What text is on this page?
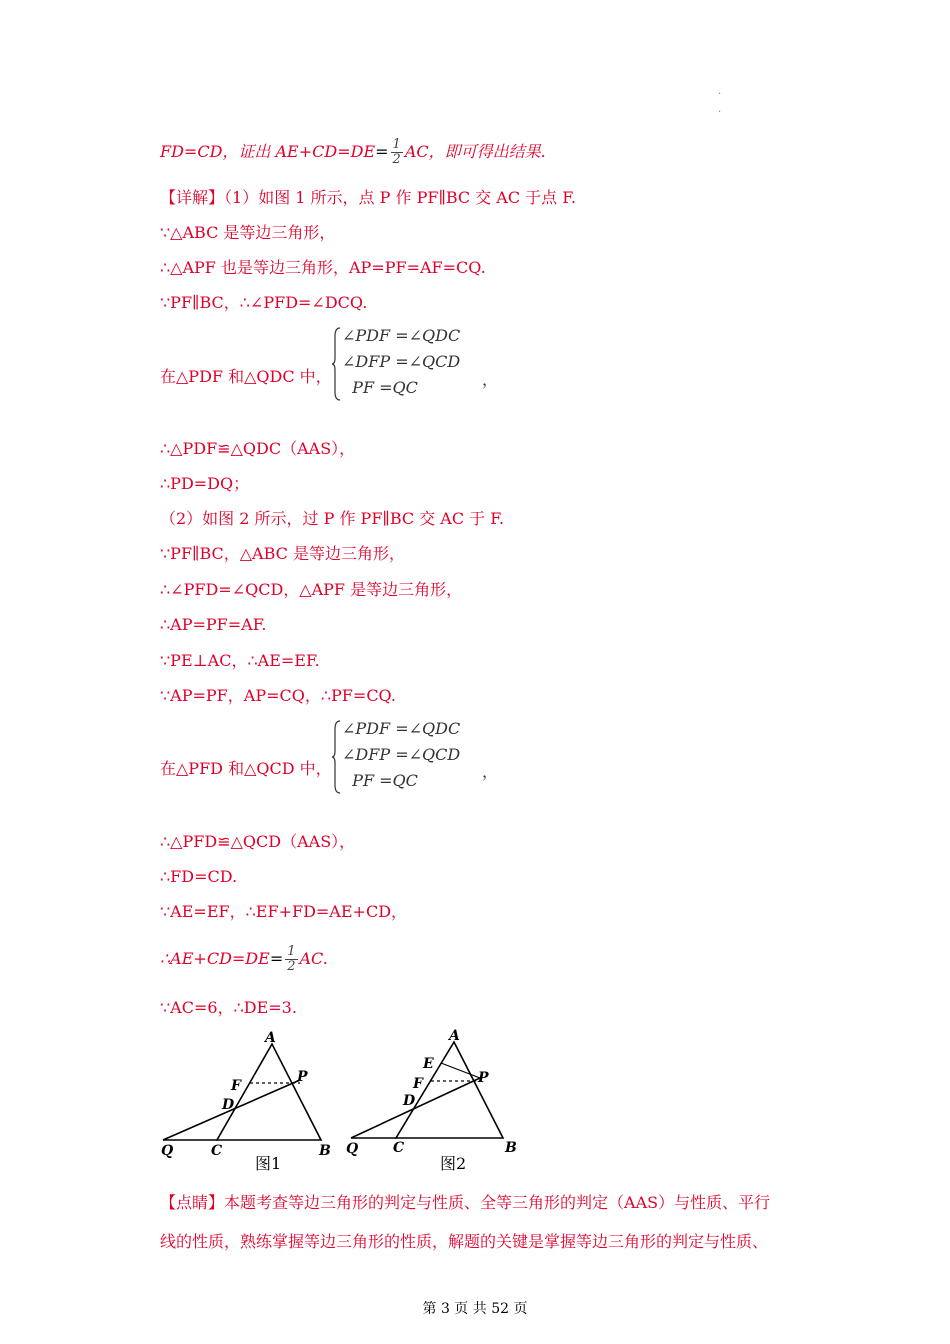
.
.
FD=CD，证出 $AE+CD=DE= \frac{1}{2}$ AC，即可得出结果.
【详解】（1）如图 1 所示，点 P 作 PF∥BC 交 AC 于点 F.
∵△ABC 是等边三角形，
∴△APF 也是等边三角形，AP=PF=AF=CQ.
∵PF∥BC，∴∠PFD=∠DCQ.
在△PDF 和△QDC 中，
∠PDF =∠QDC
∠DFP =∠QCD
PF =QC	，
∴△PDF≌△QDC（AAS），
∴PD=DQ；
（2）如图 2 所示，过 P 作 PF∥BC 交 AC 于 F.
∵PF∥BC，△ABC 是等边三角形，
∴∠PFD=∠QCD，△APF 是等边三角形，
∴AP=PF=AF.
∵PE⊥AC，∴AE=EF.
∵AP=PF，AP=CQ，∴PF=CQ.
在△PFD 和△QCD 中，
∠PDF =∠QDC
∠DFP =∠QCD
PF =QC	，
∴△PFD≌△QCD（AAS），
∴FD=CD.
∵AE=EF，∴EF+FD=AE+CD，
∴AE+CD=DE= $\frac{1}{2}$ AC.
∵AC=6，∴DE=3.
A
P
F
D
Q	C	B
图1
A
E
P
F
D
Q C	B
图2
【点睛】本题考查等边三角形的判定与性质、全等三角形的判定（AAS）与性质、平行
线的性质，熟练掌握等边三角形的性质，解题的关键是掌握等边三角形的判定与性质、
第 3 页 共 52 页
